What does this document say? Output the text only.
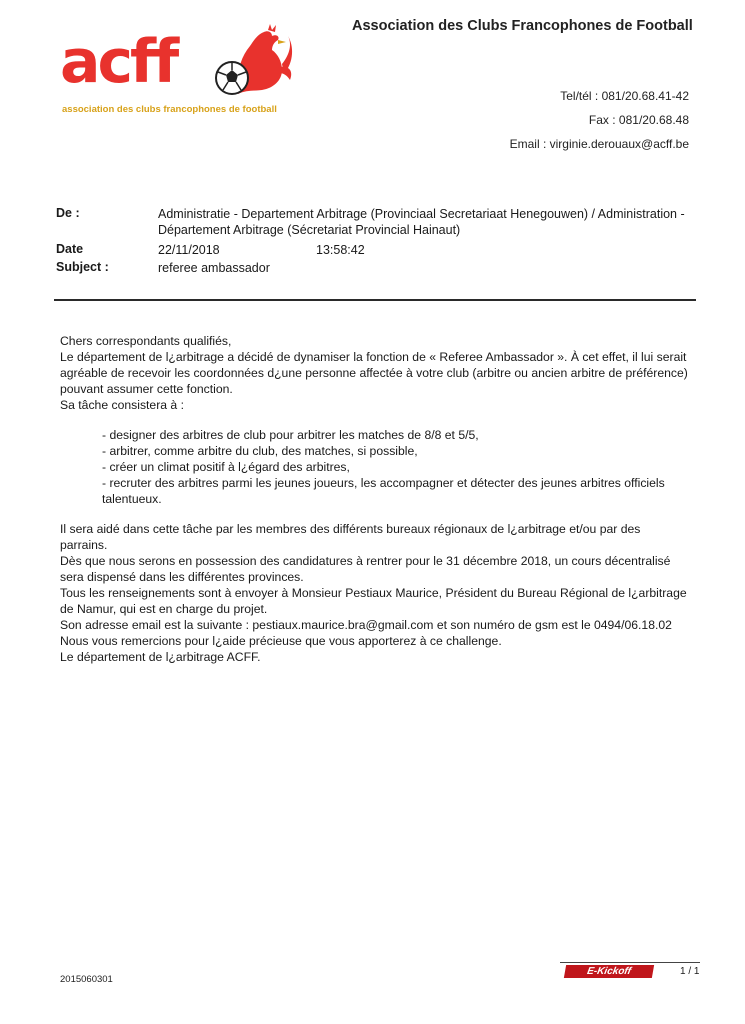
Association des Clubs Francophones de Football
acff
association des clubs francophones de football
Tel/tél : 081/20.68.41-42
Fax : 081/20.68.48
Email : virginie.derouaux@acff.be
De :	Administratie - Departement Arbitrage (Provinciaal Secretariaat Henegouwen) / Administration - Département Arbitrage (Sécretariat Provincial Hainaut)
Date	22/11/2018	13:58:42
Subject :	referee ambassador

Chers correspondants qualifiés,

Le département de l¿arbitrage a décidé de dynamiser la fonction de « Referee Ambassador ». À cet effet, il lui serait agréable de recevoir les coordonnées d¿une personne affectée à votre club (arbitre ou ancien arbitre de préférence) pouvant assumer cette fonction.

Sa tâche consistera à :

- designer des arbitres de club pour arbitrer les matches de 8/8 et 5/5,

- arbitrer, comme arbitre du club, des matches, si possible,

- créer un climat positif à l¿égard des arbitres,

- recruter des arbitres parmi les jeunes joueurs, les accompagner et détecter des jeunes arbitres officiels talentueux.

Il sera aidé dans cette tâche par les membres des différents bureaux régionaux de l¿arbitrage et/ou par des parrains.

Dès que nous serons en possession des candidatures à rentrer pour le 31 décembre 2018, un cours décentralisé sera dispensé dans les différentes provinces.

Tous les renseignements sont à envoyer à Monsieur Pestiaux Maurice, Président du Bureau Régional de l¿arbitrage de Namur, qui est en charge du projet.

Son adresse email est la suivante : pestiaux.maurice.bra@gmail.com et son numéro de gsm est le 0494/06.18.02

Nous vous remercions pour l¿aide précieuse que vous apporterez à ce challenge.

Le département de l¿arbitrage ACFF.

2015060301
E-Kickoff	1 / 1
